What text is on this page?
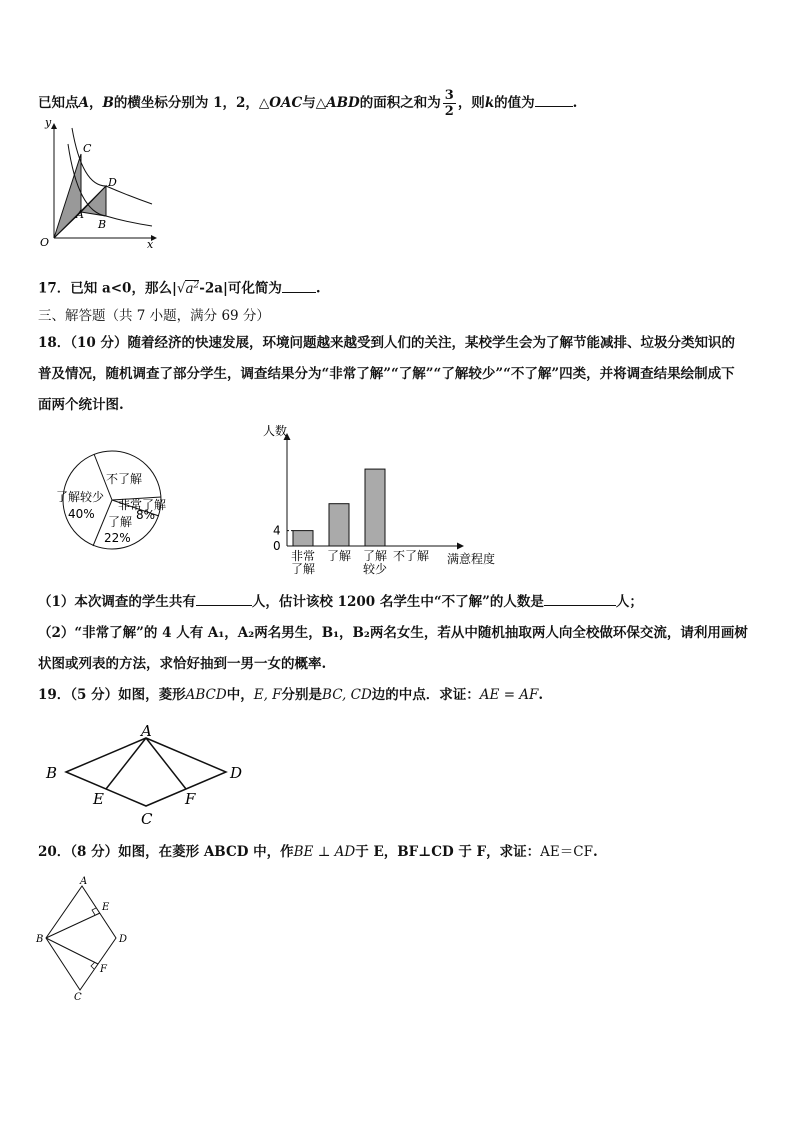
已知点A，B的横坐标分别为 1，2，△OAC与△ABD的面积之和为 $\frac{3}{2}$ ，则k的值为	.
y
x
O
C
D
A
B
17．已知 a<0，那么$|√a^2-2a|$可化简为	.
三、解答题（共 7 小题，满分 69 分）
18．（10 分）随着经济的快速发展，环境问题越来越受到人们的关注，某校学生会为了解节能减排、垃圾分类知识的
普及情况，随机调查了部分学生，调查结果分为“非常了解”“了解”“了解较少”“不了解”四类，并将调查结果绘制成下
面两个统计图.
不了解
了解较少
40%
非常了解
8%
了解
22%
人数
满意程度
非常
了解
了解 了解
较少
不了解
4
0
（1）本次调查的学生共有	人，估计该校 1200 名学生中“不了解”的人数是	人；
（2）“非常了解”的 4 人有 A₁，A₂两名男生，B₁，B₂两名女生，若从中随机抽取两人向全校做环保交流，请利用画树
状图或列表的方法，求恰好抽到一男一女的概率.
19．（5 分）如图，菱形ABCD中，E, F分别是BC, CD边的中点．求证：AE = AF.
A
B
C
D
E	F
20．（8 分）如图，在菱形 ABCD 中，作BE ⊥ AD于 E，BF⊥CD 于 F，求证：AE＝CF.
A
B
C
D
E
F
